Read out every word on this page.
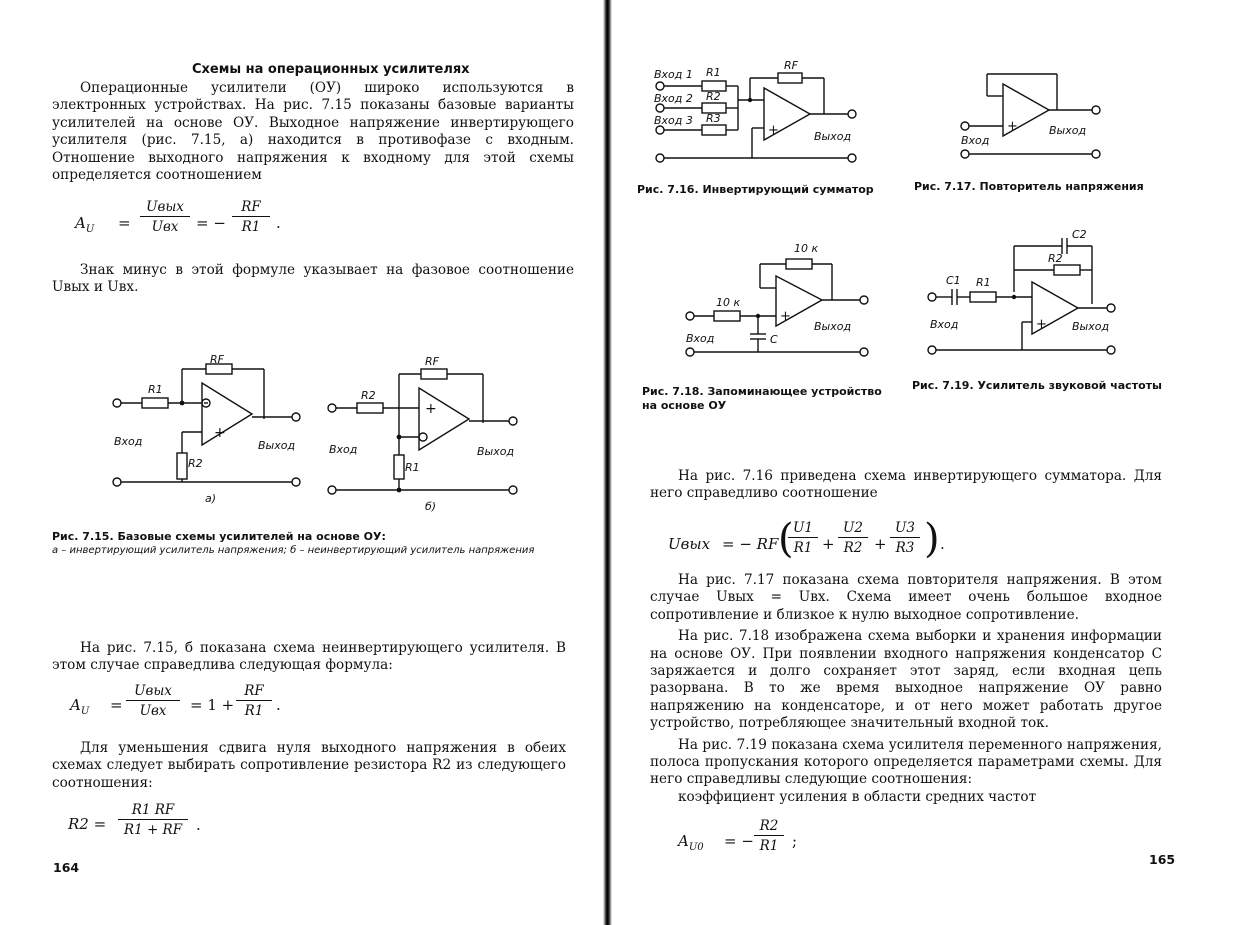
Схемы на операционных усилителях
Операционные усилители (ОУ) широко используются в электронных устройствах. На рис. 7.15 показаны базовые варианты усилителей на основе ОУ. Выходное напряжение инвертирующего усилителя (рис. 7.15, а) находится в противофазе с входным. Отношение выходного напряжения к входному для этой схемы определяется соотношением
$A_U$ =
Uвых
Uвх	= − $\frac{RF}{R1}$ .
Знак минус в этой формуле указывает на фазовое соотношение Uвых и Uвх.
RF
R1
R2
Вход	Выход
+
а)
RF
R2
R1
Вход	Выход
+
б)
Рис. 7.15. Базовые схемы усилителей на основе ОУ:
а – инвертирующий усилитель напряжения; б – неинвертирующий усилитель напряжения
На рис. 7.15, б показана схема неинвертирующего усилителя. В этом случае справедлива следующая формула:
$A_U$ =
Uвых
Uвх	= $1 + \frac{RF}{R1}$ .
Для уменьшения сдвига нуля выходного напряжения в обеих схемах следует выбирать сопротивление резистора R2 из следующего соотношения:
$R2 = \frac{R1 RF}{R1 + RF}$ .
164
Вход 1
Вход 2
Вход 3
R1
R2
R3
RF
Выход
+
Вход
Выход
+
Рис. 7.16. Инвертирующий сумматор	Рис. 7.17. Повторитель напряжения
10 к
10 к
Вход	C
Выход
+
C2
R2
C1 R1
Вход	Выход
+
Рис. 7.18. Запоминающее устройство на основе ОУ
Рис. 7.19. Усилитель звуковой частоты
На рис. 7.16 приведена схема инвертирующего сумматора. Для него справедливо соотношение
Uвых = − RF (
$\frac{U1}{R1} + \frac{U2}{R2} + \frac{U3}{R3}$ ) .

На рис. 7.17 показана схема повторителя напряжения. В этом случае Uвых = Uвх. Схема имеет очень большое входное сопротивление и близкое к нулю выходное сопротивление.

На рис. 7.18 изображена схема выборки и хранения информации на основе ОУ. При появлении входного напряжения конденсатор С заряжается и долго сохраняет этот заряд, если входная цепь разорвана. В то же время выходное напряжение ОУ равно напряжению на конденсаторе, и от него может работать другое устройство, потребляющее значительный входной ток.

На рис. 7.19 показана схема усилителя переменного напряжения, полоса пропускания которого определяется параметрами схемы. Для него справедливы следующие соотношения:

коэффициент усиления в области средних частот

$A_{U0}$ = − $\frac{R2}{R1}$ ;
165
